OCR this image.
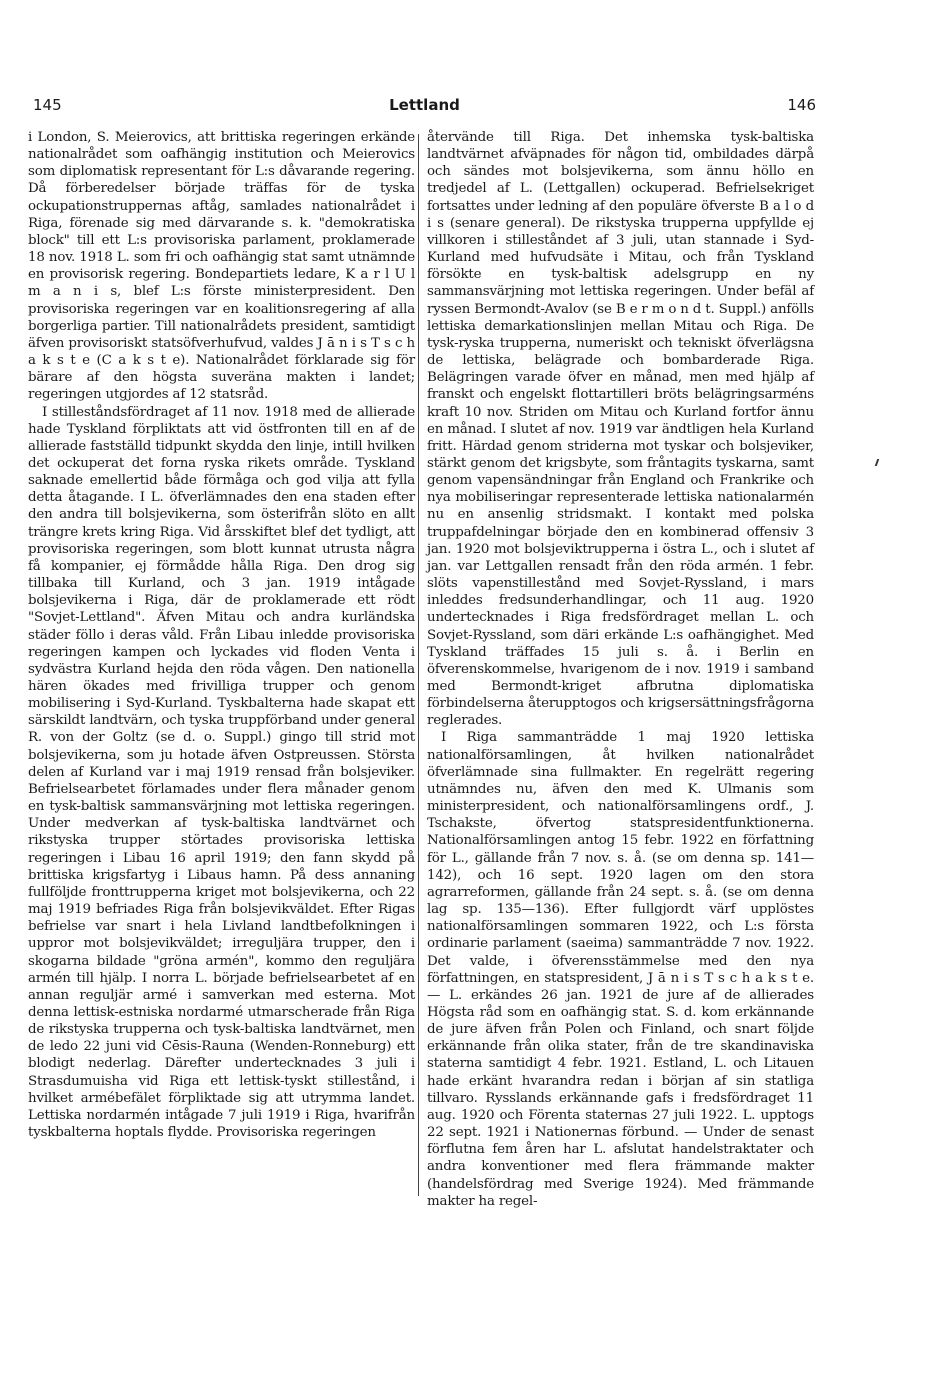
145	Lettland	146

i London, S. Meierovics, att brittiska regeringen erkände nationalrådet som oafhängig institution och Meierovics som diplomatisk representant för L:s dåvarande regering. Då förberedelser började träffas för de tyska ockupationstruppernas aftåg, samlades nationalrådet i Riga, förenade sig med därvarande s. k. "demokratiska block" till ett L:s provisoriska parlament, proklamerade 18 nov. 1918 L. som fri och oafhängig stat samt utnämnde en provisorisk regering. Bondepartiets ledare, K a r l U l m a n i s, blef L:s förste ministerpresident. Den provisoriska regeringen var en koalitionsregering af alla borgerliga partier. Till nationalrådets president, samtidigt äfven provisoriskt statsöfverhufvud, valdes J ā n i s T s c h a k s t e (C a k s t e). Nationalrådet förklarade sig för bärare af den högsta suveräna makten i landet; regeringen utgjordes af 12 statsråd.

I stilleståndsfördraget af 11 nov. 1918 med de allierade hade Tyskland förpliktats att vid östfronten till en af de allierade fastställd tidpunkt skydda den linje, intill hvilken det ockuperat det forna ryska rikets område. Tyskland saknade emellertid både förmåga och god vilja att fylla detta åtagande. I L. öfverlämnades den ena staden efter den andra till bolsjevikerna, som österifrån slöto en allt trängre krets kring Riga. Vid årsskiftet blef det tydligt, att provisoriska regeringen, som blott kunnat utrusta några få kompanier, ej förmådde hålla Riga. Den drog sig tillbaka till Kurland, och 3 jan. 1919 intågade bolsjevikerna i Riga, där de proklamerade ett rödt "Sovjet-Lettland". Äfven Mitau och andra kurländska städer föllo i deras våld. Från Libau inledde provisoriska regeringen kampen och lyckades vid floden Venta i sydvästra Kurland hejda den röda vågen. Den nationella hären ökades med frivilliga trupper och genom mobilisering i Syd-Kurland. Tyskbalterna hade skapat ett särskildt landtvärn, och tyska truppförband under general R. von der Goltz (se d. o. Suppl.) gingo till strid mot bolsjevikerna, som ju hotade äfven Ostpreussen. Största delen af Kurland var i maj 1919 rensad från bolsjeviker. Befrielsearbetet förlamades under flera månader genom en tysk-baltisk sammansvärjning mot lettiska regeringen. Under medverkan af tysk-baltiska landtvärnet och rikstyska trupper störtades provisoriska lettiska regeringen i Libau 16 april 1919; den fann skydd på brittiska krigsfartyg i Libaus hamn. På dess annaning fullföljde fronttrupperna kriget mot bolsjevikerna, och 22 maj 1919 befriades Riga från bolsjevikväldet. Efter Rigas befrielse var snart i hela Livland landtbefolkningen i uppror mot bolsjevikväldet; irreguljära trupper, den i skogarna bildade "gröna armén", kommo den reguljära armén till hjälp. I norra L. började befrielsearbetet af en annan reguljär armé i samverkan med esterna. Mot denna lettisk-estniska nordarmé utmarscherade från Riga de rikstyska trupperna och tysk-baltiska landtvärnet, men de ledo 22 juni vid Cēsis-Rauna (Wenden-Ronneburg) ett blodigt nederlag. Därefter undertecknades 3 juli i Strasdumuisha vid Riga ett lettisk-tyskt stillestånd, i hvilket armébefälet förpliktade sig att utrymma landet. Lettiska nordarmén intågade 7 juli 1919 i Riga, hvarifrån tyskbalterna hoptals flydde. Provisoriska regeringen

återvände till Riga. Det inhemska tysk-baltiska landtvärnet afväpnades för någon tid, ombildades därpå och sändes mot bolsjevikerna, som ännu höllo en tredjedel af L. (Lettgallen) ockuperad. Befrielsekriget fortsattes under ledning af den populäre öfverste B a l o d i s (senare general). De rikstyska trupperna uppfyllde ej villkoren i stilleståndet af 3 juli, utan stannade i Syd-Kurland med hufvudsäte i Mitau, och från Tyskland försökte en tysk-baltisk adelsgrupp en ny sammansvärjning mot lettiska regeringen. Under befäl af ryssen Bermondt-Avalov (se B e r m o n d t. Suppl.) anfölls lettiska demarkationslinjen mellan Mitau och Riga. De tysk-ryska trupperna, numeriskt och tekniskt öfverlägsna de lettiska, belägrade och bombarderade Riga. Belägringen varade öfver en månad, men med hjälp af franskt och engelskt flottartilleri bröts belägringsarméns kraft 10 nov. Striden om Mitau och Kurland fortfor ännu en månad. I slutet af nov. 1919 var ändtligen hela Kurland fritt. Härdad genom striderna mot tyskar och bolsjeviker, stärkt genom det krigsbyte, som fråntagits tyskarna, samt genom vapensändningar från England och Frankrike och nya mobiliseringar representerade lettiska nationalarmén nu en ansenlig stridsmakt. I kontakt med polska truppafdelningar började den en kombinerad offensiv 3 jan. 1920 mot bolsjeviktrupperna i östra L., och i slutet af jan. var Lettgallen rensadt från den röda armén. 1 febr. slöts vapenstillestånd med Sovjet-Ryssland, i mars inleddes fredsunderhandlingar, och 11 aug. 1920 undertecknades i Riga fredsfördraget mellan L. och Sovjet-Ryssland, som däri erkände L:s oafhängighet. Med Tyskland träffades 15 juli s. å. i Berlin en öfverenskommelse, hvarigenom de i nov. 1919 i samband med Bermondt-kriget afbrutna diplomatiska förbindelserna återupptogos och krigsersättningsfrågorna reglerades.

I Riga sammanträdde 1 maj 1920 lettiska nationalförsamlingen, åt hvilken nationalrådet öfverlämnade sina fullmakter. En regelrätt regering utnämndes nu, äfven den med K. Ulmanis som ministerpresident, och nationalförsamlingens ordf., J. Tschakste, öfvertog statspresidentfunktionerna. Nationalförsamlingen antog 15 febr. 1922 en författning för L., gällande från 7 nov. s. å. (se om denna sp. 141—142), och 16 sept. 1920 lagen om den stora agrarreformen, gällande från 24 sept. s. å. (se om denna lag sp. 135—136). Efter fullgjordt värf upplöstes nationalförsamlingen sommaren 1922, och L:s första ordinarie parlament (saeima) sammanträdde 7 nov. 1922. Det valde, i öfverensstämmelse med den nya författningen, en statspresident, J ā n i s T s c h a k s t e. — L. erkändes 26 jan. 1921 de jure af de allierades Högsta råd som en oafhängig stat. S. d. kom erkännande de jure äfven från Polen och Finland, och snart följde erkännande från olika stater, från de tre skandinaviska staterna samtidigt 4 febr. 1921. Estland, L. och Litauen hade erkänt hvarandra redan i början af sin statliga tillvaro. Rysslands erkännande gafs i fredsfördraget 11 aug. 1920 och Förenta staternas 27 juli 1922. L. upptogs 22 sept. 1921 i Nationernas förbund. — Under de senast förflutna fem åren har L. afslutat handelstraktater och andra konventioner med flera främmande makter (handelsfördrag med Sverige 1924). Med främmande makter ha regel-
